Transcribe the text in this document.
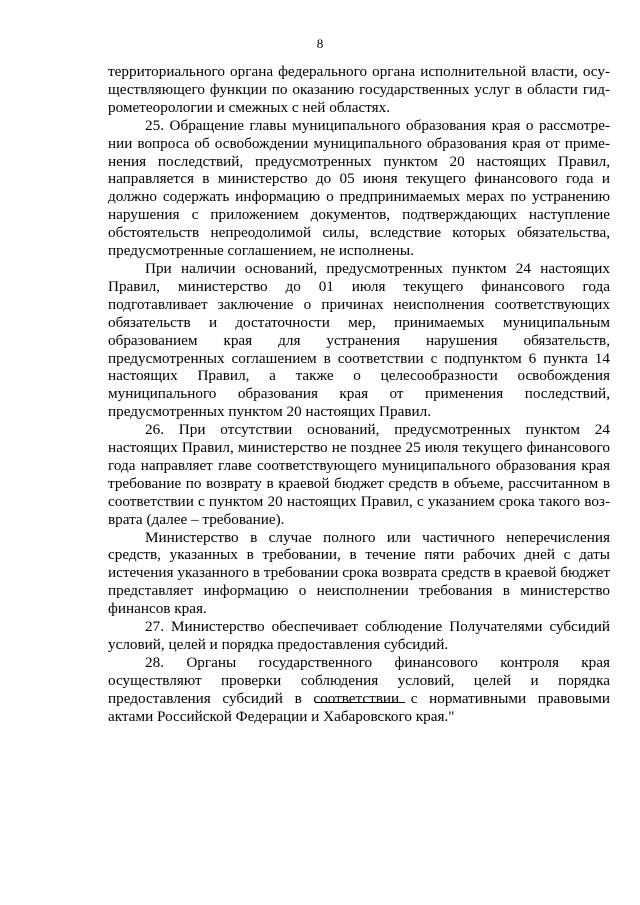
8

территориального органа федерального органа исполнительной власти, осуществляющего функции по оказанию государственных услуг в области гидрометеорологии и смежных с ней областях.

25. Обращение главы муниципального образования края о рассмотрении вопроса об освобождении муниципального образования края от применения последствий, предусмотренных пунктом 20 настоящих Правил, направляется в министерство до 05 июня текущего финансового года и должно содержать информацию о предпринимаемых мерах по устранению нарушения с приложением документов, подтверждающих наступление обстоятельств непреодолимой силы, вследствие которых обязательства, предусмотренные соглашением, не исполнены.

При наличии оснований, предусмотренных пунктом 24 настоящих Правил, министерство до 01 июля текущего финансового года подготавливает заключение о причинах неисполнения соответствующих обязательств и достаточности мер, принимаемых муниципальным образованием края для устранения нарушения обязательств, предусмотренных соглашением в соответствии с подпунктом 6 пункта 14 настоящих Правил, а также о целесообразности освобождения муниципального образования края от применения последствий, предусмотренных пунктом 20 настоящих Правил.

26. При отсутствии оснований, предусмотренных пунктом 24 настоящих Правил, министерство не позднее 25 июля текущего финансового года направляет главе соответствующего муниципального образования края требование по возврату в краевой бюджет средств в объеме, рассчитанном в соответствии с пунктом 20 настоящих Правил, с указанием срока такого возврата (далее – требование).

Министерство в случае полного или частичного неперечисления средств, указанных в требовании, в течение пяти рабочих дней с даты истечения указанного в требовании срока возврата средств в краевой бюджет представляет информацию о неисполнении требования в министерство финансов края.

27. Министерство обеспечивает соблюдение Получателями субсидий условий, целей и порядка предоставления субсидий.

28. Органы государственного финансового контроля края осуществляют проверки соблюдения условий, целей и порядка предоставления субсидий в соответствии с нормативными правовыми актами Российской Федерации и Хабаровского края."
